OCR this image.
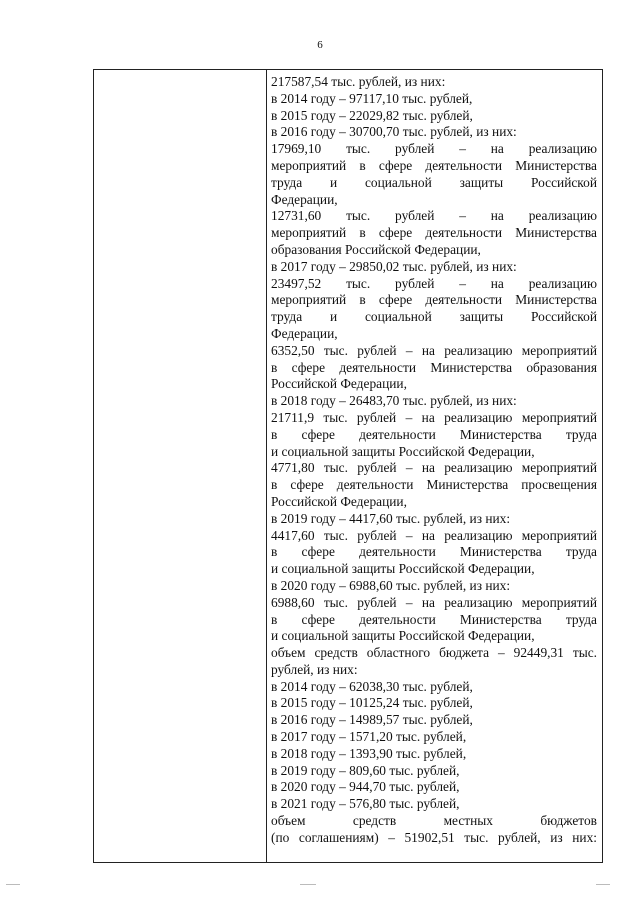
6
217587,54 тыс. рублей, из них:
в 2014 году – 97117,10 тыс. рублей,
в 2015 году – 22029,82 тыс. рублей,
в 2016 году – 30700,70 тыс. рублей, из них:
17969,10 тыс. рублей – на реализацию
мероприятий в сфере деятельности Министерства
труда и социальной защиты Российской
Федерации,
12731,60 тыс. рублей – на реализацию
мероприятий в сфере деятельности Министерства
образования Российской Федерации,
в 2017 году – 29850,02 тыс. рублей, из них:
23497,52 тыс. рублей – на реализацию
мероприятий в сфере деятельности Министерства
труда и социальной защиты Российской
Федерации,
6352,50 тыс. рублей – на реализацию мероприятий
в сфере деятельности Министерства образования
Российской Федерации,
в 2018 году – 26483,70 тыс. рублей, из них:
21711,9 тыс. рублей – на реализацию мероприятий
в сфере деятельности Министерства труда
и социальной защиты Российской Федерации,
4771,80 тыс. рублей – на реализацию мероприятий
в сфере деятельности Министерства просвещения
Российской Федерации,
в 2019 году – 4417,60 тыс. рублей, из них:
4417,60 тыс. рублей – на реализацию мероприятий
в сфере деятельности Министерства труда
и социальной защиты Российской Федерации,
в 2020 году – 6988,60 тыс. рублей, из них:
6988,60 тыс. рублей – на реализацию мероприятий
в сфере деятельности Министерства труда
и социальной защиты Российской Федерации,
объем средств областного бюджета – 92449,31 тыс.
рублей, из них:
в 2014 году – 62038,30 тыс. рублей,
в 2015 году – 10125,24 тыс. рублей,
в 2016 году – 14989,57 тыс. рублей,
в 2017 году – 1571,20 тыс. рублей,
в 2018 году – 1393,90 тыс. рублей,
в 2019 году – 809,60 тыс. рублей,
в 2020 году – 944,70 тыс. рублей,
в 2021 году – 576,80 тыс. рублей,
объем средств местных бюджетов
(по соглашениям) – 51902,51 тыс. рублей, из них:
